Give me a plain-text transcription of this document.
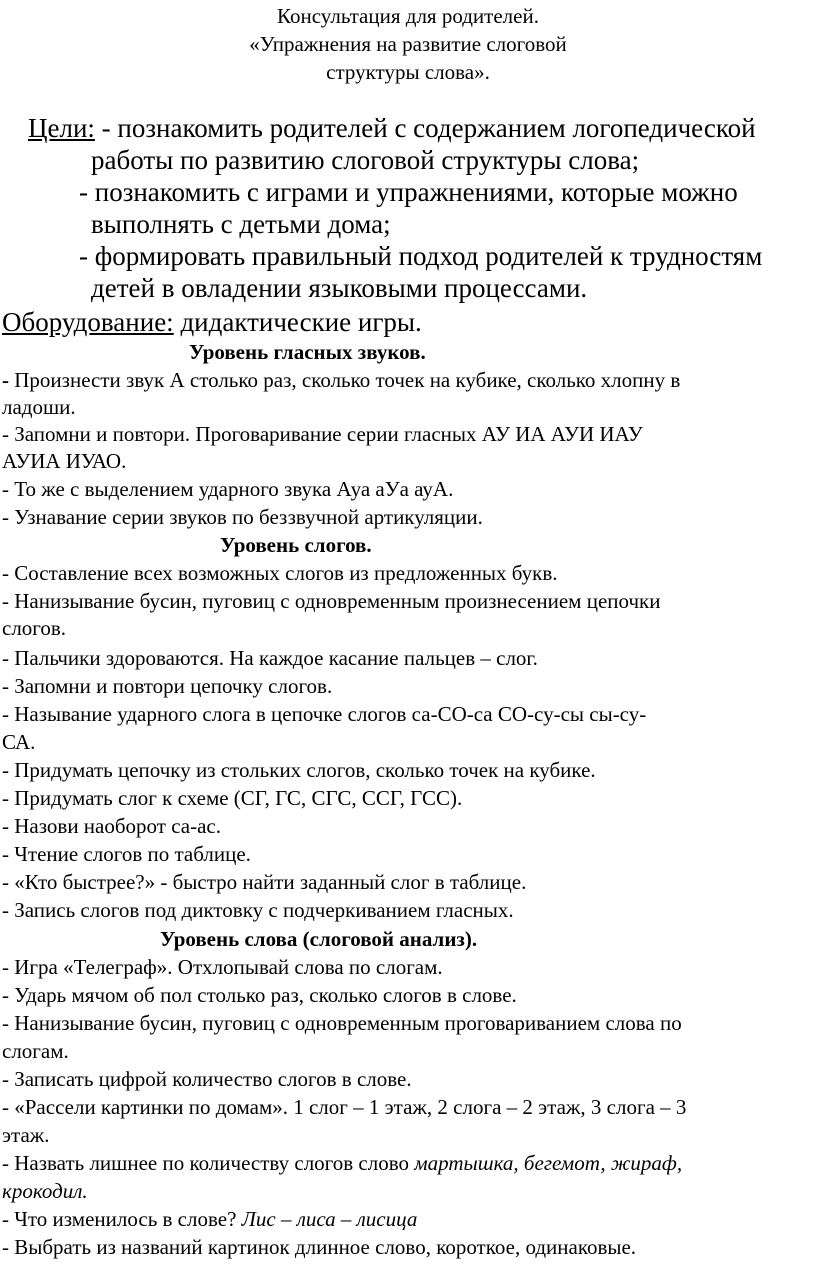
Консультация для родителей.
«Упражнения на развитие слоговой
структуры слова».
Цели: - познакомить родителей с содержанием логопедической
работы по развитию слоговой структуры слова;
- познакомить с играми и упражнениями, которые можно
выполнять с детьми дома;
- формировать правильный подход родителей к трудностям
детей в овладении языковыми процессами.
Оборудование: дидактические игры.
Уровень гласных звуков.
- Произнести звук А столько раз, сколько точек на кубике, сколько хлопну в
ладоши.
- Запомни и повтори. Проговаривание серии гласных АУ ИА АУИ ИАУ
АУИА ИУАО.
- То же с выделением ударного звука Ауа аУа ауА.
- Узнавание серии звуков по беззвучной артикуляции.
Уровень слогов.
- Составление всех возможных слогов из предложенных букв.
- Нанизывание бусин, пуговиц с одновременным произнесением цепочки
слогов.
- Пальчики здороваются. На каждое касание пальцев – слог.
- Запомни и повтори цепочку слогов.
- Называние ударного слога в цепочке слогов са-СО-са СО-су-сы сы-су-
СА.
- Придумать цепочку из стольких слогов, сколько точек на кубике.
- Придумать слог к схеме (СГ, ГС, СГС, ССГ, ГСС).
- Назови наоборот са-ас.
- Чтение слогов по таблице.
- «Кто быстрее?» - быстро найти заданный слог в таблице.
- Запись слогов под диктовку с подчеркиванием гласных.
Уровень слова (слоговой анализ).
- Игра «Телеграф». Отхлопывай слова по слогам.
- Ударь мячом об пол столько раз, сколько слогов в слове.
- Нанизывание бусин, пуговиц с одновременным проговариванием слова по
слогам.
- Записать цифрой количество слогов в слове.
- «Рассели картинки по домам». 1 слог – 1 этаж, 2 слога – 2 этаж, 3 слога – 3
этаж.
- Назвать лишнее по количеству слогов слово мартышка, бегемот, жираф,
крокодил.
- Что изменилось в слове? Лис – лиса – лисица
- Выбрать из названий картинок длинное слово, короткое, одинаковые.
